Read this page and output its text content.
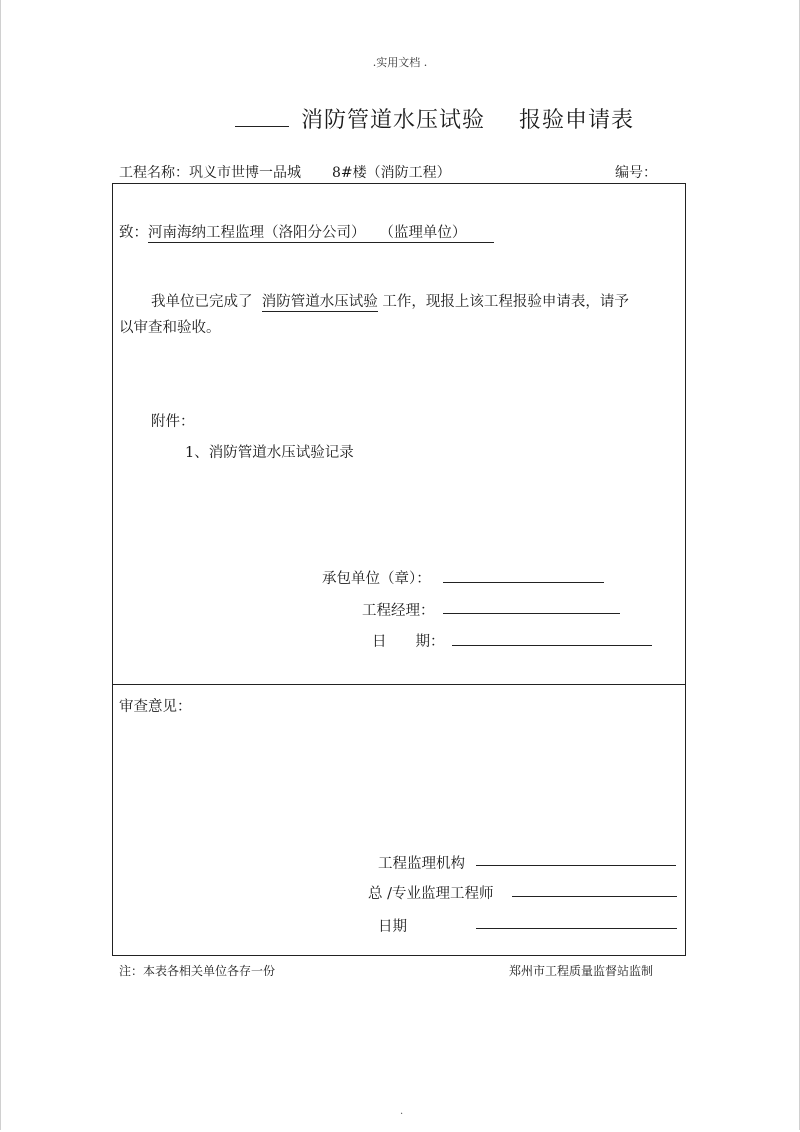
.实用文档 .
消防管道水压试验 报验申请表
工程名称：巩义市世博一品城 8#楼（消防工程）	编号：
致：河南海纳工程监理（洛阳分公司） （监理单位）
我单位已完成了 消防管道水压试验 工作，现报上该工程报验申请表，请予
以审查和验收。
附件：
1、消防管道水压试验记录
承包单位（章）：
工程经理：
日　　期：
审查意见：
工程监理机构
总 /专业监理工程师
日期
注：本表各相关单位各存一份	郑州市工程质量监督站监制
.
